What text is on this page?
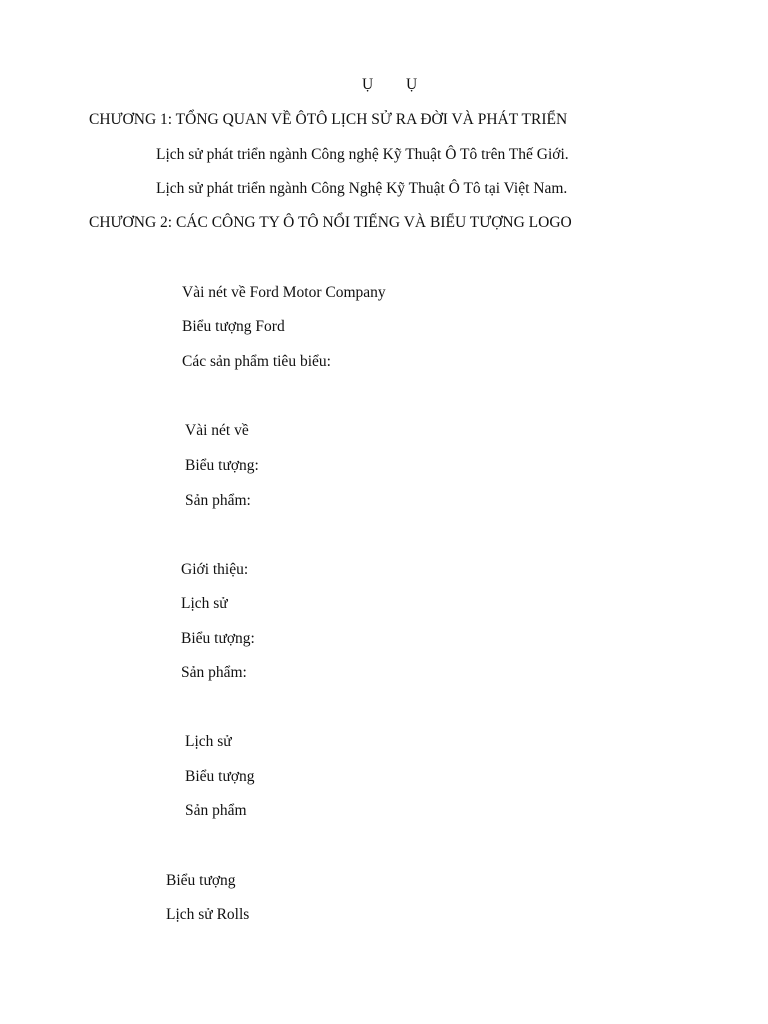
Ụ Ụ
CHƯƠNG 1: TỔNG QUAN VỀ ÔTÔ LỊCH SỬ RA ĐỜI VÀ PHÁT TRIỂN
Lịch sử phát triển ngành Công nghệ Kỹ Thuật Ô Tô trên Thế Giới.
Lịch sử phát triển ngành Công Nghệ Kỹ Thuật Ô Tô tại Việt Nam.
CHƯƠNG 2: CÁC CÔNG TY Ô TÔ NỔI TIẾNG VÀ BIỂU TƯỢNG LOGO
Vài nét về Ford Motor Company
Biểu tượng Ford
Các sản phẩm tiêu biểu:
Vài nét về
Biểu tượng:
Sản phẩm:
Giới thiệu:
Lịch sử
Biểu tượng:
Sản phẩm:
Lịch sử
Biểu tượng
Sản phẩm
Biểu tượng
Lịch sử Rolls
